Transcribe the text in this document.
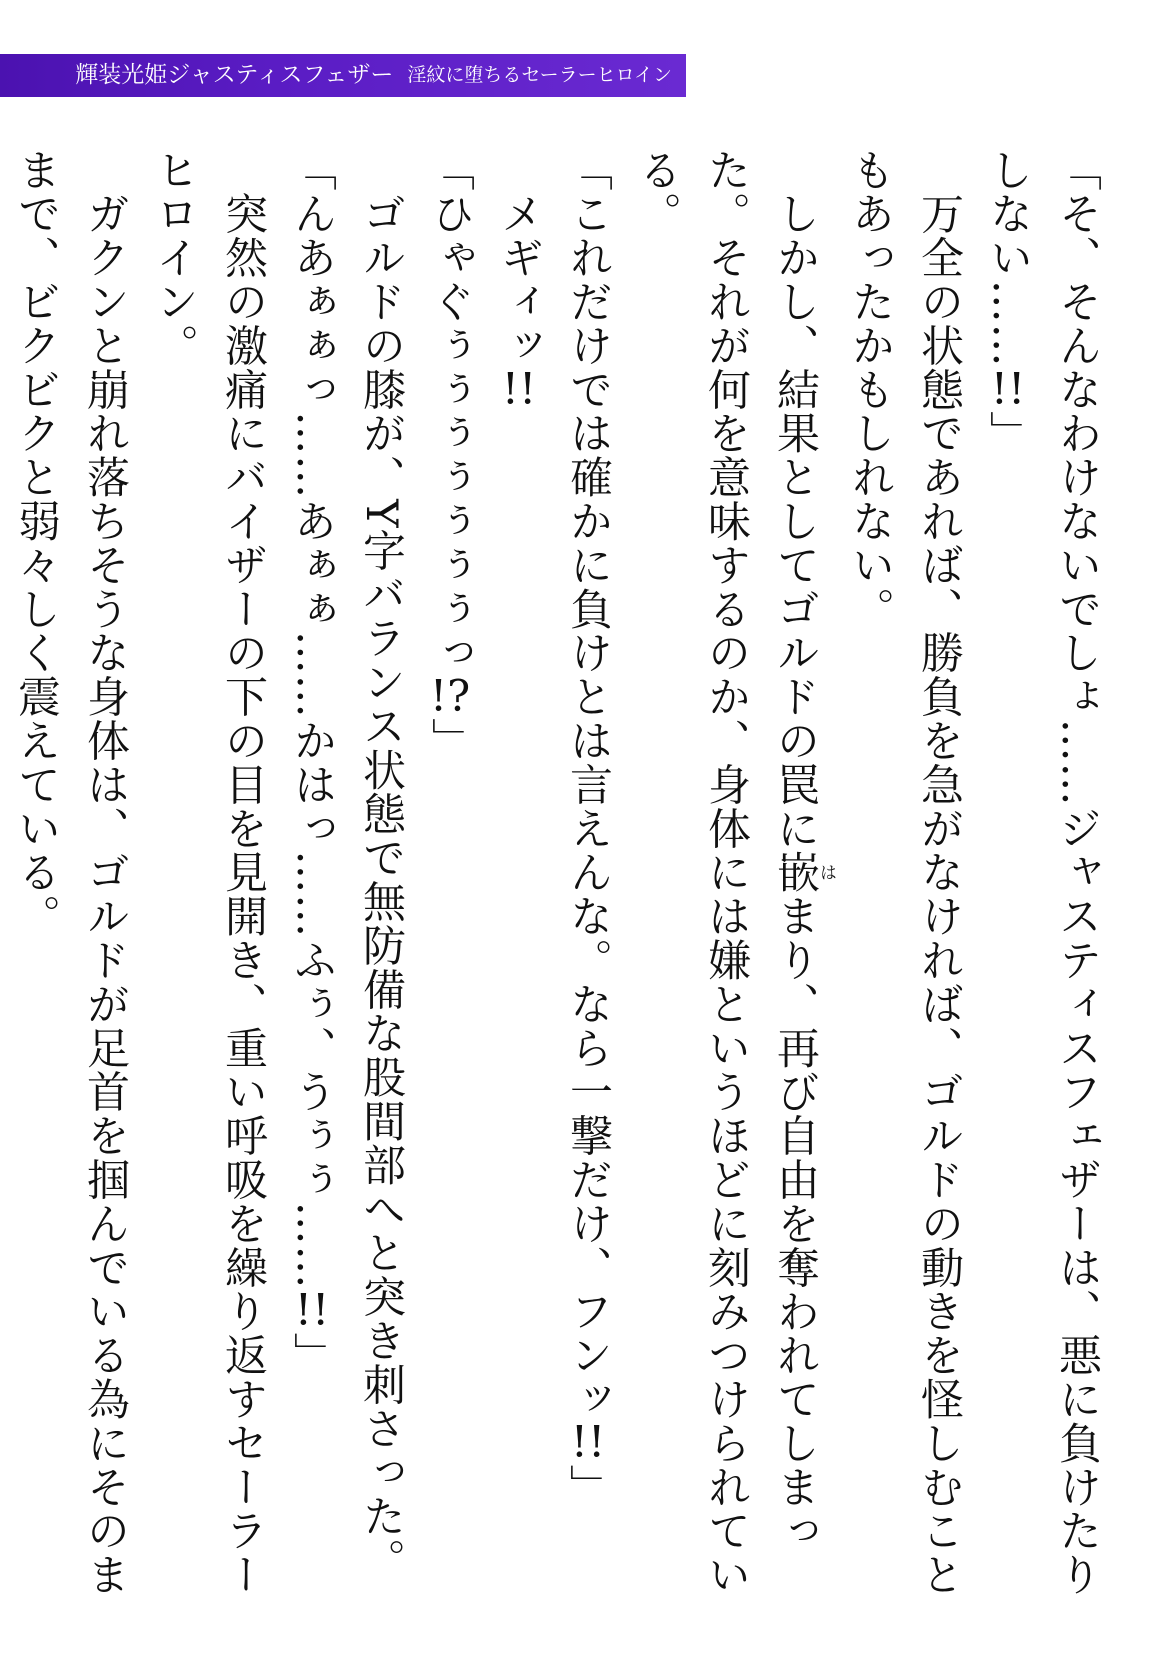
輝装光姫ジャスティスフェザー 淫紋に堕ちるセーラーヒロイン

「そ、そんなわけないでしょ……ジャスティスフェザーは、悪に負けたりしない……!!」

　万全の状態であれば、勝負を急がなければ、ゴルドの動きを怪しむこともあったかもしれない。

　しかし、結果としてゴルドの罠に嵌はまり、再び自由を奪われてしまった。それが何を意味するのか、身体には嫌というほどに刻みつけられている。

「これだけでは確かに負けとは言えんな。なら一撃だけ、フンッ!!」

　メギィッ!!

「ひゃぐぅぅぅぅぅぅぅっ!?」

　ゴルドの膝が、Y字バランス状態で無防備な股間部へと突き刺さった。

「んあぁぁっ……あぁぁ……かはっ……ふぅ、うぅぅ……!!」

　突然の激痛にバイザーの下の目を見開き、重い呼吸を繰り返すセーラーヒロイン。

　ガクンと崩れ落ちそうな身体は、ゴルドが足首を掴んでいる為にそのままで、ビクビクと弱々しく震えている。
